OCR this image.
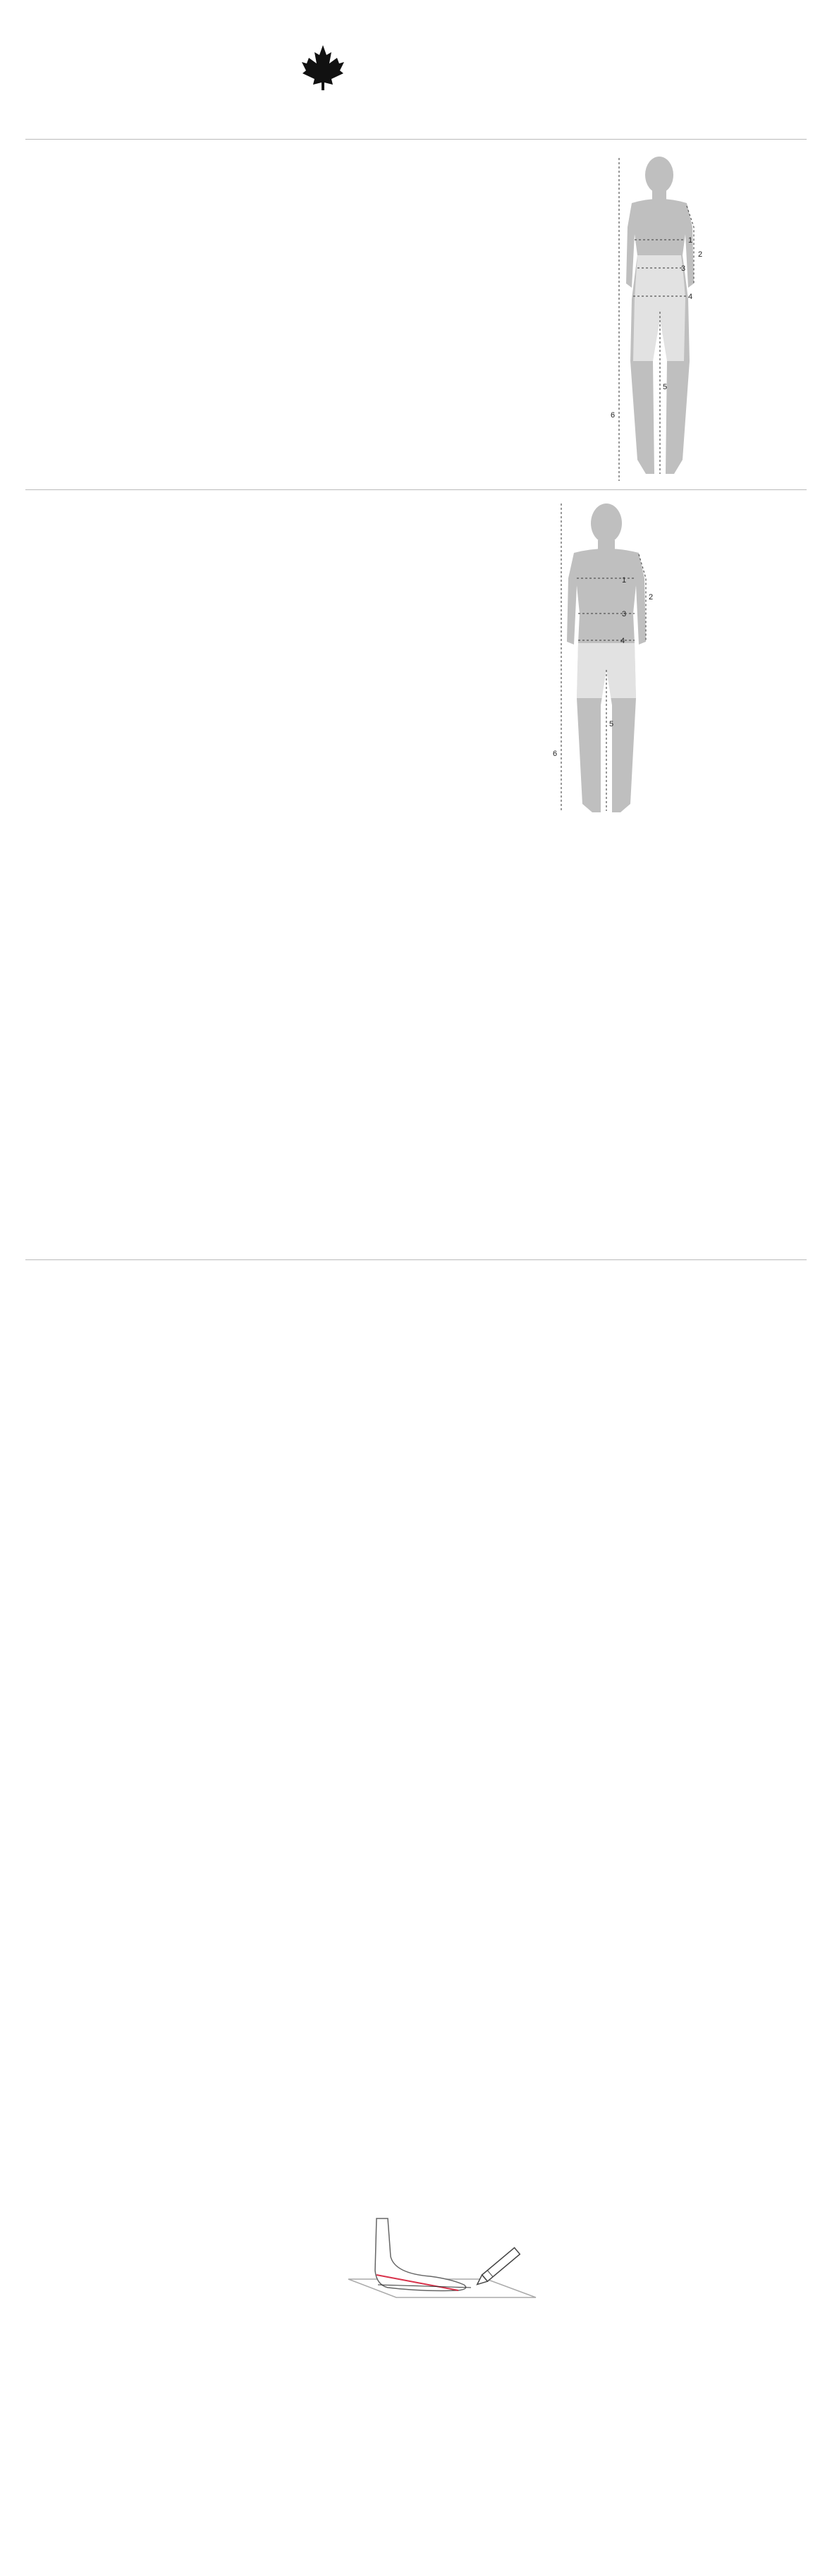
1
2
3
4
5
6
1
2
3
4
5
6
